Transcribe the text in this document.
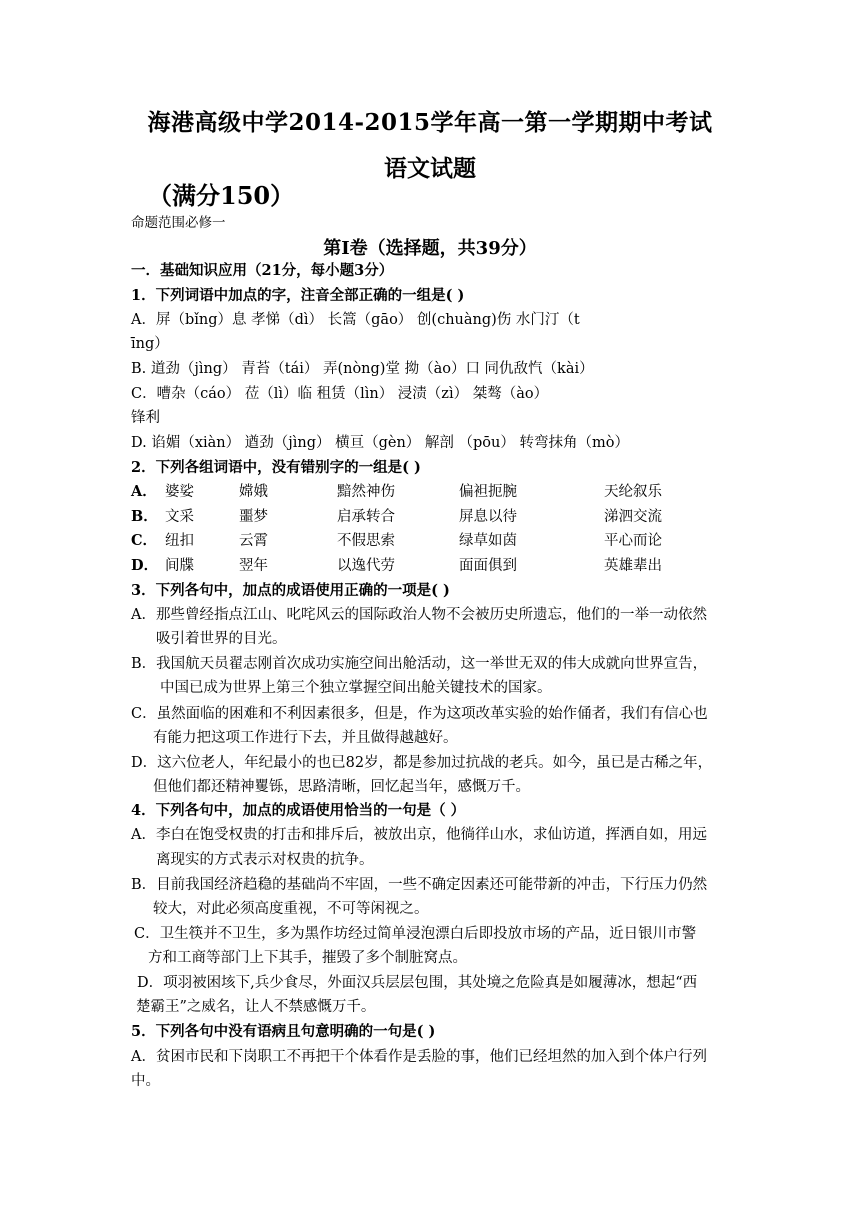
海港高级中学2014-2015学年高一第一学期期中考试
语文试题
（满分150）
命题范围必修一
第Ⅰ卷（选择题，共39分）
一．基础知识应用（21分，每小题3分）
1．下列词语中加点的字，注音全部正确的一组是( )
A．屏（bǐng）息 孝悌（dì） 长篙（gāo） 创(chuàng)伤 水门汀（t
īng）
B. 道劲（jìng） 青苔（tái） 弄(nòng)堂 拗（ào）口 同仇敌忾（kài）
C．嘈杂（cáo） 莅（lì）临 租赁（lìn） 浸渍（zì） 桀骜（ào）
锋利
D. 谄媚（xiàn） 遒劲（jìng） 横亘（gèn） 解剖 （pōu） 转弯抹角（mò）
2．下列各组词语中，没有错别字的一组是( )
A． 婆娑	嫦娥	黯然神伤	偏袒扼腕	天纶叙乐
B． 文采	噩梦	启承转合	屏息以待	涕泗交流
C． 纽扣	云霄	不假思索	绿草如茵	平心而论
D． 间牒	翌年	以逸代劳	面面俱到	英雄辈出
3．下列各句中，加点的成语使用正确的一项是( )
A．那些曾经指点江山、叱咤风云的国际政治人物不会被历史所遗忘，他们的一举一动依然
吸引着世界的目光。
B．我国航天员翟志刚首次成功实施空间出舱活动，这一举世无双的伟大成就向世界宣告，
中国已成为世界上第三个独立掌握空间出舱关键技术的国家。
C．虽然面临的困难和不利因素很多，但是，作为这项改革实验的始作俑者，我们有信心也
有能力把这项工作进行下去，并且做得越越好。
D．这六位老人，年纪最小的也已82岁，都是参加过抗战的老兵。如今，虽已是古稀之年，
但他们都还精神矍铄，思路清晰，回忆起当年，感慨万千。
4．下列各句中，加点的成语使用恰当的一句是（ ）
A．李白在饱受权贵的打击和排斥后，被放出京，他徜徉山水，求仙访道，挥洒自如，用远
离现实的方式表示对权贵的抗争。
B．目前我国经济趋稳的基础尚不牢固，一些不确定因素还可能带新的冲击，下行压力仍然
较大，对此必须高度重视，不可等闲视之。
C．卫生筷并不卫生，多为黑作坊经过简单浸泡漂白后即投放市场的产品，近日银川市警
方和工商等部门上下其手，摧毁了多个制脏窝点。
D．项羽被困垓下,兵少食尽，外面汉兵层层包围，其处境之危险真是如履薄冰，想起“西
楚霸王”之威名，让人不禁感慨万千。
5．下列各句中没有语病且句意明确的一句是( )
A．贫困市民和下岗职工不再把干个体看作是丢脸的事，他们已经坦然的加入到个体户行列
中。
